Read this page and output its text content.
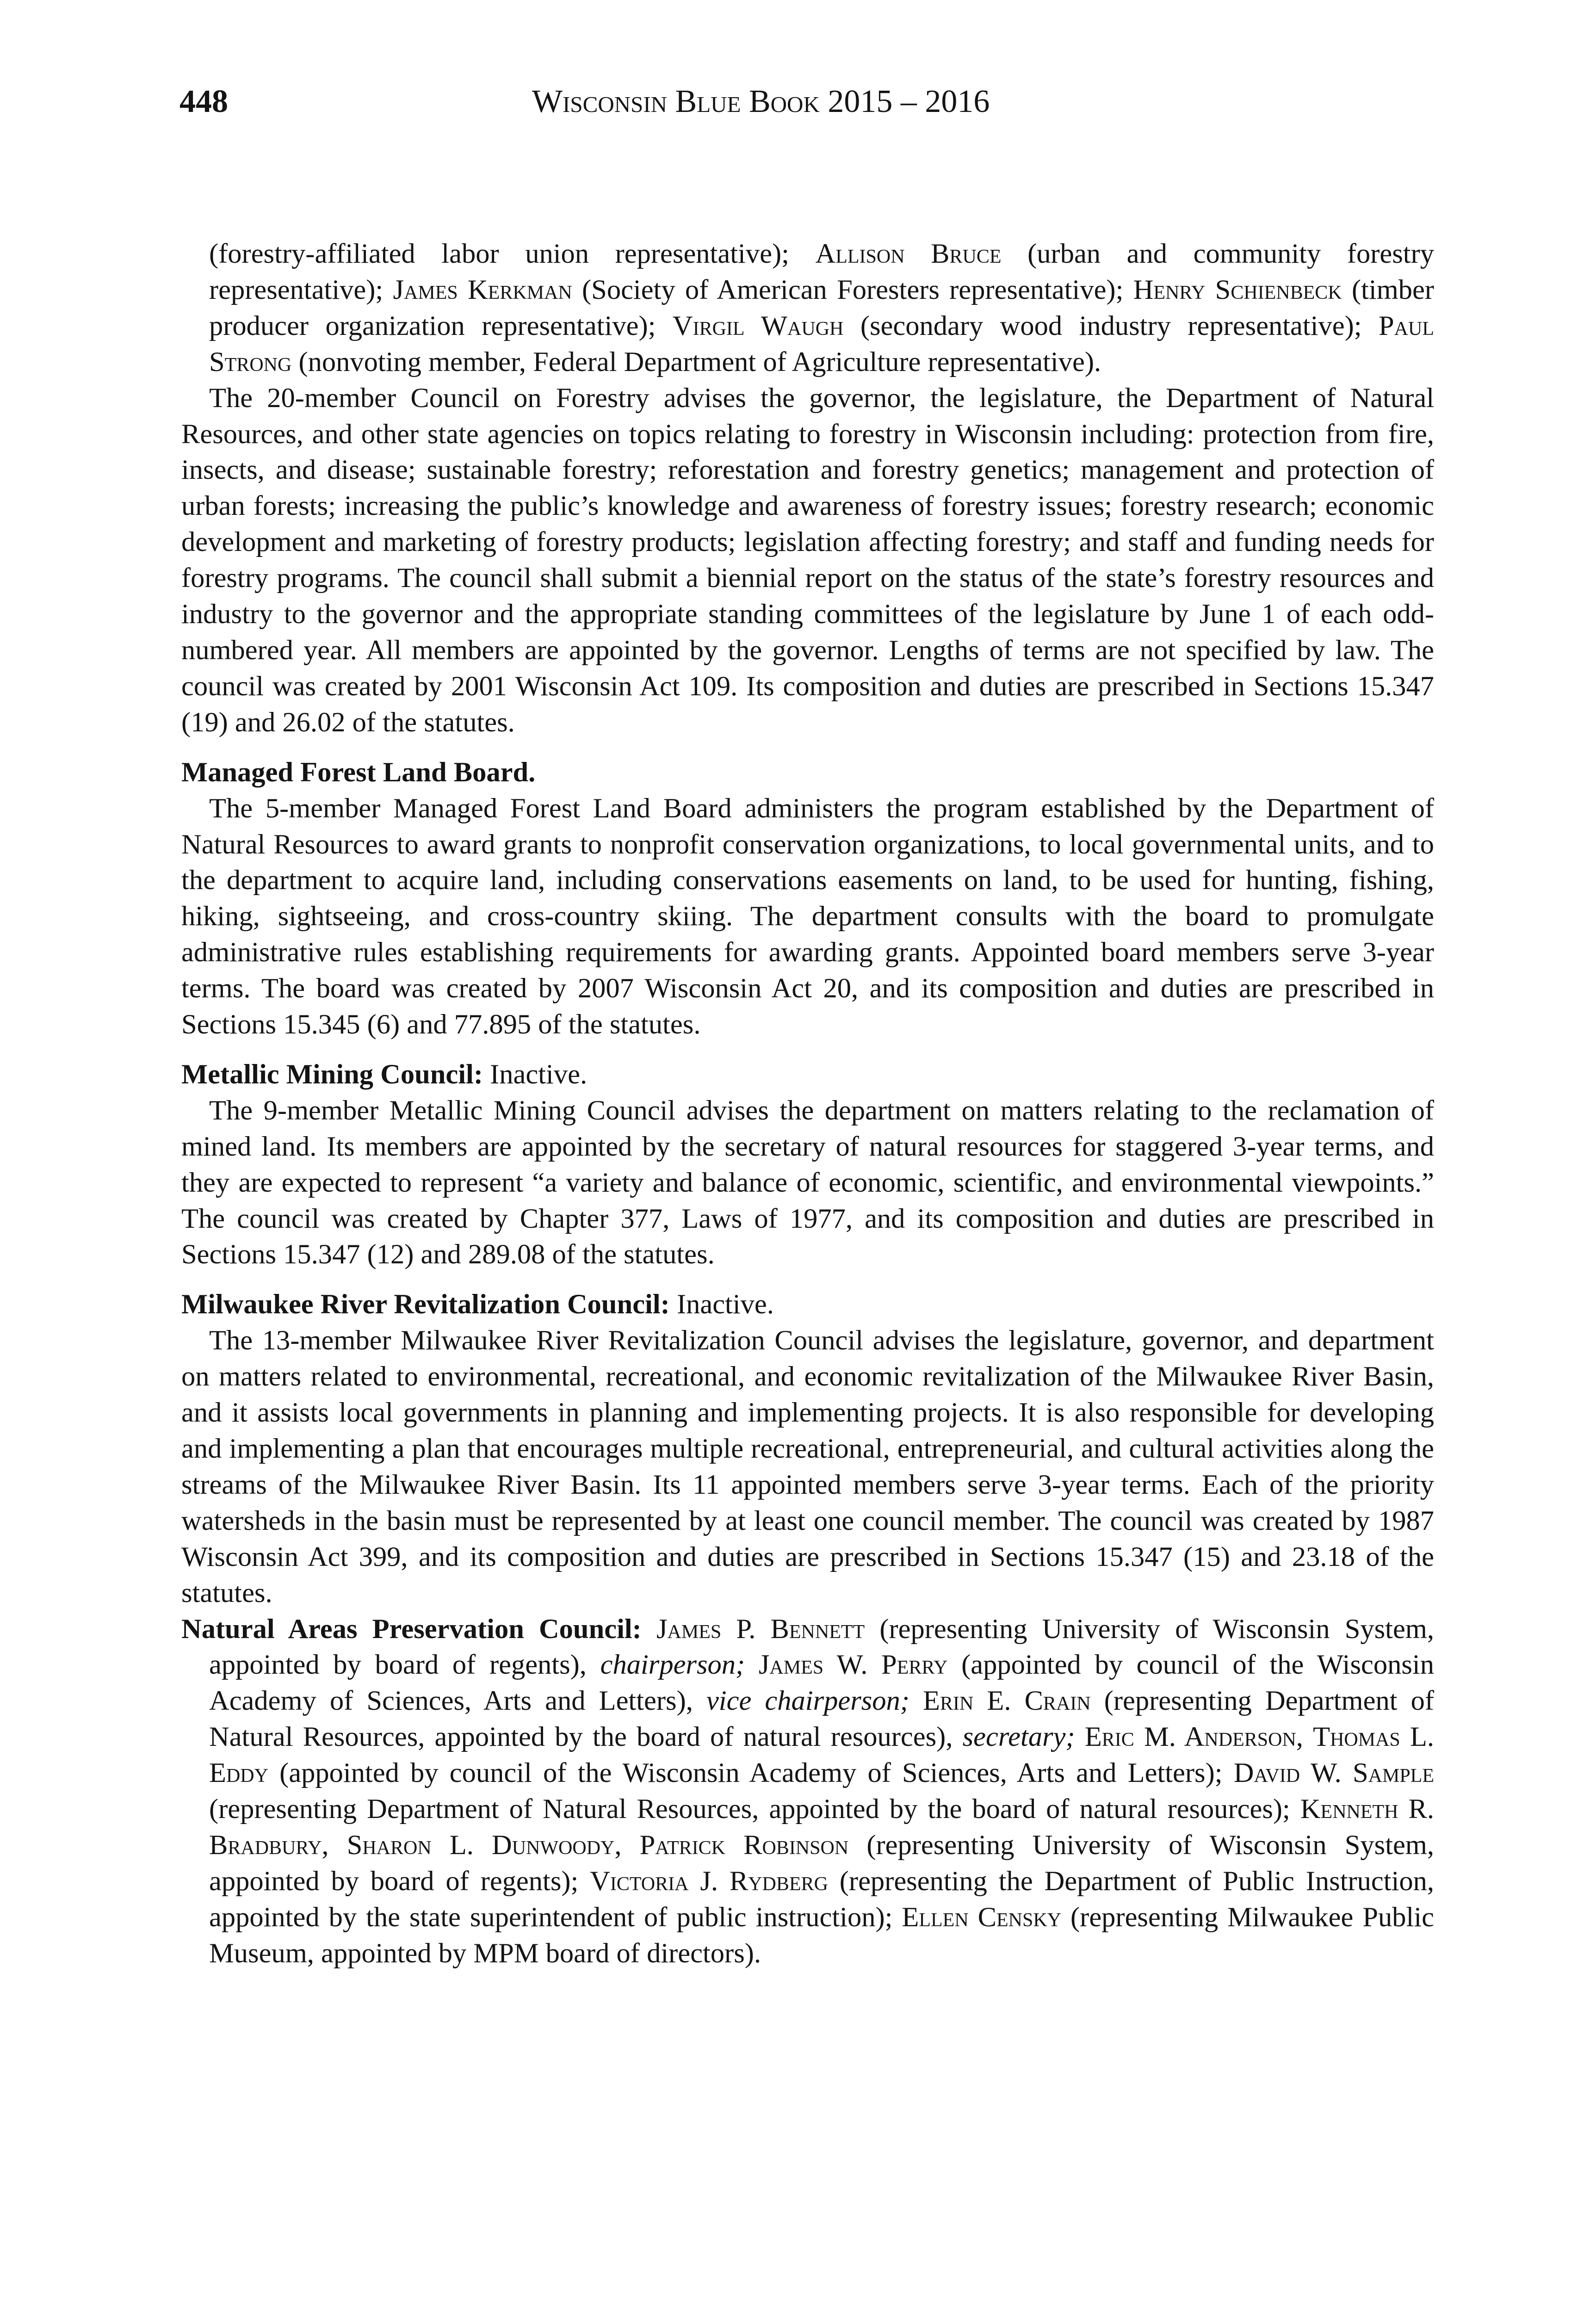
448	Wisconsin Blue Book 2015 – 2016

(forestry-affiliated labor union representative); Allison Bruce (urban and community forestry representative); James Kerkman (Society of American Foresters representative); Henry Schienbeck (timber producer organization representative); Virgil Waugh (secondary wood industry representative); Paul Strong (nonvoting member, Federal Department of Agriculture representative).

The 20-member Council on Forestry advises the governor, the legislature, the Department of Natural Resources, and other state agencies on topics relating to forestry in Wisconsin including: protection from fire, insects, and disease; sustainable forestry; reforestation and forestry genetics; management and protection of urban forests; increasing the public’s knowledge and awareness of forestry issues; forestry research; economic development and marketing of forestry products; legislation affecting forestry; and staff and funding needs for forestry programs. The council shall submit a biennial report on the status of the state’s forestry resources and industry to the governor and the appropriate standing committees of the legislature by June 1 of each odd-numbered year. All members are appointed by the governor. Lengths of terms are not specified by law. The council was created by 2001 Wisconsin Act 109. Its composition and duties are prescribed in Sections 15.347 (19) and 26.02 of the statutes.

Managed Forest Land Board.

The 5-member Managed Forest Land Board administers the program established by the Department of Natural Resources to award grants to nonprofit conservation organizations, to local governmental units, and to the department to acquire land, including conservations easements on land, to be used for hunting, fishing, hiking, sightseeing, and cross-country skiing. The department consults with the board to promulgate administrative rules establishing requirements for awarding grants. Appointed board members serve 3-year terms. The board was created by 2007 Wisconsin Act 20, and its composition and duties are prescribed in Sections 15.345 (6) and 77.895 of the statutes.

Metallic Mining Council: Inactive.

The 9-member Metallic Mining Council advises the department on matters relating to the reclamation of mined land. Its members are appointed by the secretary of natural resources for staggered 3-year terms, and they are expected to represent “a variety and balance of economic, scientific, and environmental viewpoints.” The council was created by Chapter 377, Laws of 1977, and its composition and duties are prescribed in Sections 15.347 (12) and 289.08 of the statutes.

Milwaukee River Revitalization Council: Inactive.

The 13-member Milwaukee River Revitalization Council advises the legislature, governor, and department on matters related to environmental, recreational, and economic revitalization of the Milwaukee River Basin, and it assists local governments in planning and implementing projects. It is also responsible for developing and implementing a plan that encourages multiple recreational, entrepreneurial, and cultural activities along the streams of the Milwaukee River Basin. Its 11 appointed members serve 3-year terms. Each of the priority watersheds in the basin must be represented by at least one council member. The council was created by 1987 Wisconsin Act 399, and its composition and duties are prescribed in Sections 15.347 (15) and 23.18 of the statutes.

Natural Areas Preservation Council: James P. Bennett (representing University of Wisconsin System, appointed by board of regents), chairperson; James W. Perry (appointed by council of the Wisconsin Academy of Sciences, Arts and Letters), vice chairperson; Erin E. Crain (representing Department of Natural Resources, appointed by the board of natural resources), secretary; Eric M. Anderson, Thomas L. Eddy (appointed by council of the Wisconsin Academy of Sciences, Arts and Letters); David W. Sample (representing Department of Natural Resources, appointed by the board of natural resources); Kenneth R. Bradbury, Sharon L. Dunwoody, Patrick Robinson (representing University of Wisconsin System, appointed by board of regents); Victoria J. Rydberg (representing the Department of Public Instruction, appointed by the state superintendent of public instruction); Ellen Censky (representing Milwaukee Public Museum, appointed by MPM board of directors).
